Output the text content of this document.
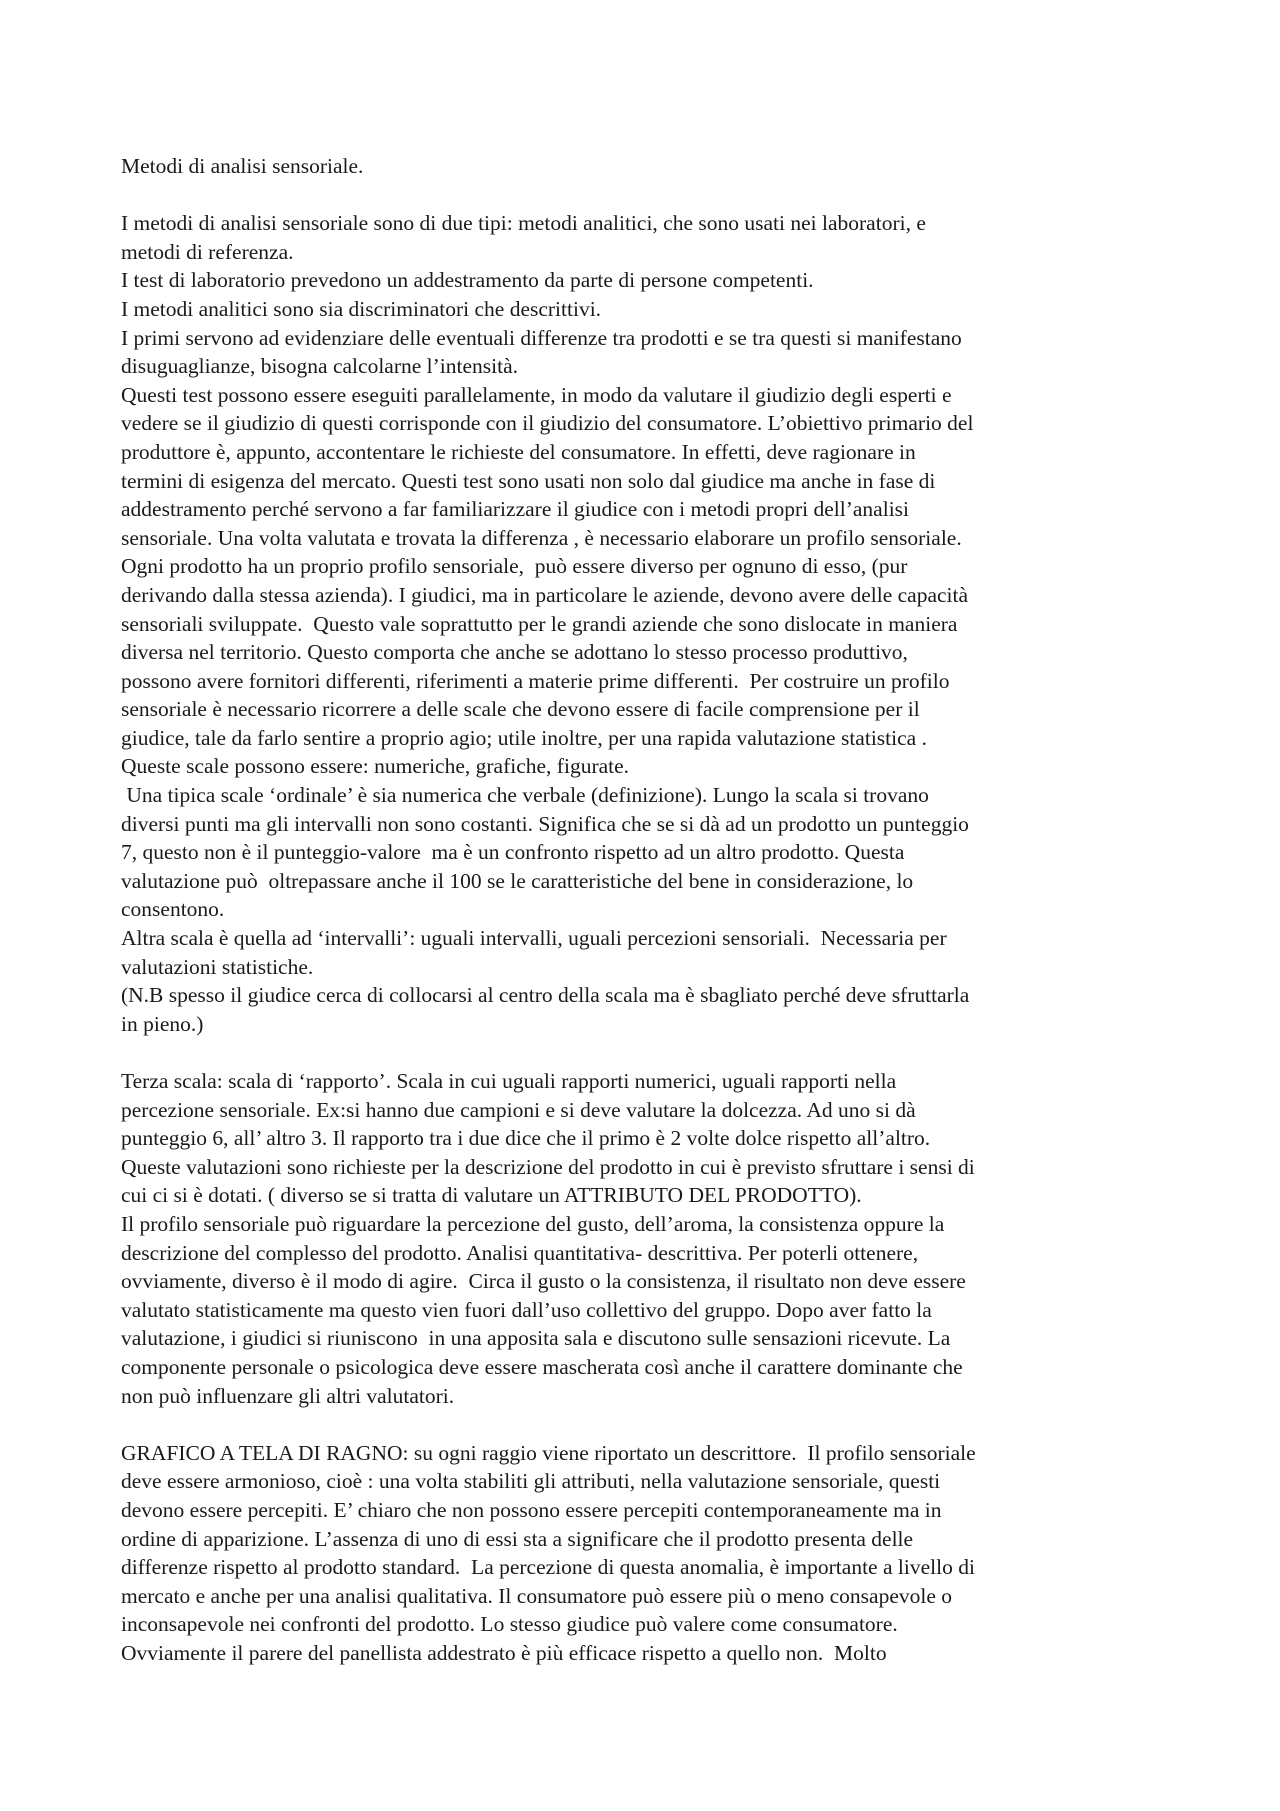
Metodi di analisi sensoriale.
I metodi di analisi sensoriale sono di due tipi: metodi analitici, che sono usati nei laboratori, e
metodi di referenza.
I test di laboratorio prevedono un addestramento da parte di persone competenti.
I metodi analitici sono sia discriminatori che descrittivi.
I primi servono ad evidenziare delle eventuali differenze tra prodotti e se tra questi si manifestano
disuguaglianze, bisogna calcolarne l’intensità.
Questi test possono essere eseguiti parallelamente, in modo da valutare il giudizio degli esperti e
vedere se il giudizio di questi corrisponde con il giudizio del consumatore. L’obiettivo primario del
produttore è, appunto, accontentare le richieste del consumatore. In effetti, deve ragionare in
termini di esigenza del mercato. Questi test sono usati non solo dal giudice ma anche in fase di
addestramento perché servono a far familiarizzare il giudice con i metodi propri dell’analisi
sensoriale. Una volta valutata e trovata la differenza , è necessario elaborare un profilo sensoriale.
Ogni prodotto ha un proprio profilo sensoriale,  può essere diverso per ognuno di esso, (pur
derivando dalla stessa azienda). I giudici, ma in particolare le aziende, devono avere delle capacità
sensoriali sviluppate.  Questo vale soprattutto per le grandi aziende che sono dislocate in maniera
diversa nel territorio. Questo comporta che anche se adottano lo stesso processo produttivo,
possono avere fornitori differenti, riferimenti a materie prime differenti.  Per costruire un profilo
sensoriale è necessario ricorrere a delle scale che devono essere di facile comprensione per il
giudice, tale da farlo sentire a proprio agio; utile inoltre, per una rapida valutazione statistica .
Queste scale possono essere: numeriche, grafiche, figurate.
Una tipica scale ‘ordinale’ è sia numerica che verbale (definizione). Lungo la scala si trovano
diversi punti ma gli intervalli non sono costanti. Significa che se si dà ad un prodotto un punteggio
7, questo non è il punteggio-valore  ma è un confronto rispetto ad un altro prodotto. Questa
valutazione può  oltrepassare anche il 100 se le caratteristiche del bene in considerazione, lo
consentono.
Altra scala è quella ad ‘intervalli’: uguali intervalli, uguali percezioni sensoriali.  Necessaria per
valutazioni statistiche.
(N.B spesso il giudice cerca di collocarsi al centro della scala ma è sbagliato perché deve sfruttarla
in pieno.)
Terza scala: scala di ‘rapporto’. Scala in cui uguali rapporti numerici, uguali rapporti nella
percezione sensoriale. Ex:si hanno due campioni e si deve valutare la dolcezza. Ad uno si dà
punteggio 6, all’ altro 3. Il rapporto tra i due dice che il primo è 2 volte dolce rispetto all’altro.
Queste valutazioni sono richieste per la descrizione del prodotto in cui è previsto sfruttare i sensi di
cui ci si è dotati. ( diverso se si tratta di valutare un ATTRIBUTO DEL PRODOTTO).
Il profilo sensoriale può riguardare la percezione del gusto, dell’aroma, la consistenza oppure la
descrizione del complesso del prodotto. Analisi quantitativa- descrittiva. Per poterli ottenere,
ovviamente, diverso è il modo di agire.  Circa il gusto o la consistenza, il risultato non deve essere
valutato statisticamente ma questo vien fuori dall’uso collettivo del gruppo. Dopo aver fatto la
valutazione, i giudici si riuniscono  in una apposita sala e discutono sulle sensazioni ricevute. La
componente personale o psicologica deve essere mascherata così anche il carattere dominante che
non può influenzare gli altri valutatori.
GRAFICO A TELA DI RAGNO: su ogni raggio viene riportato un descrittore.  Il profilo sensoriale
deve essere armonioso, cioè : una volta stabiliti gli attributi, nella valutazione sensoriale, questi
devono essere percepiti. E’ chiaro che non possono essere percepiti contemporaneamente ma in
ordine di apparizione. L’assenza di uno di essi sta a significare che il prodotto presenta delle
differenze rispetto al prodotto standard.  La percezione di questa anomalia, è importante a livello di
mercato e anche per una analisi qualitativa. Il consumatore può essere più o meno consapevole o
inconsapevole nei confronti del prodotto. Lo stesso giudice può valere come consumatore.
Ovviamente il parere del panellista addestrato è più efficace rispetto a quello non.  Molto
